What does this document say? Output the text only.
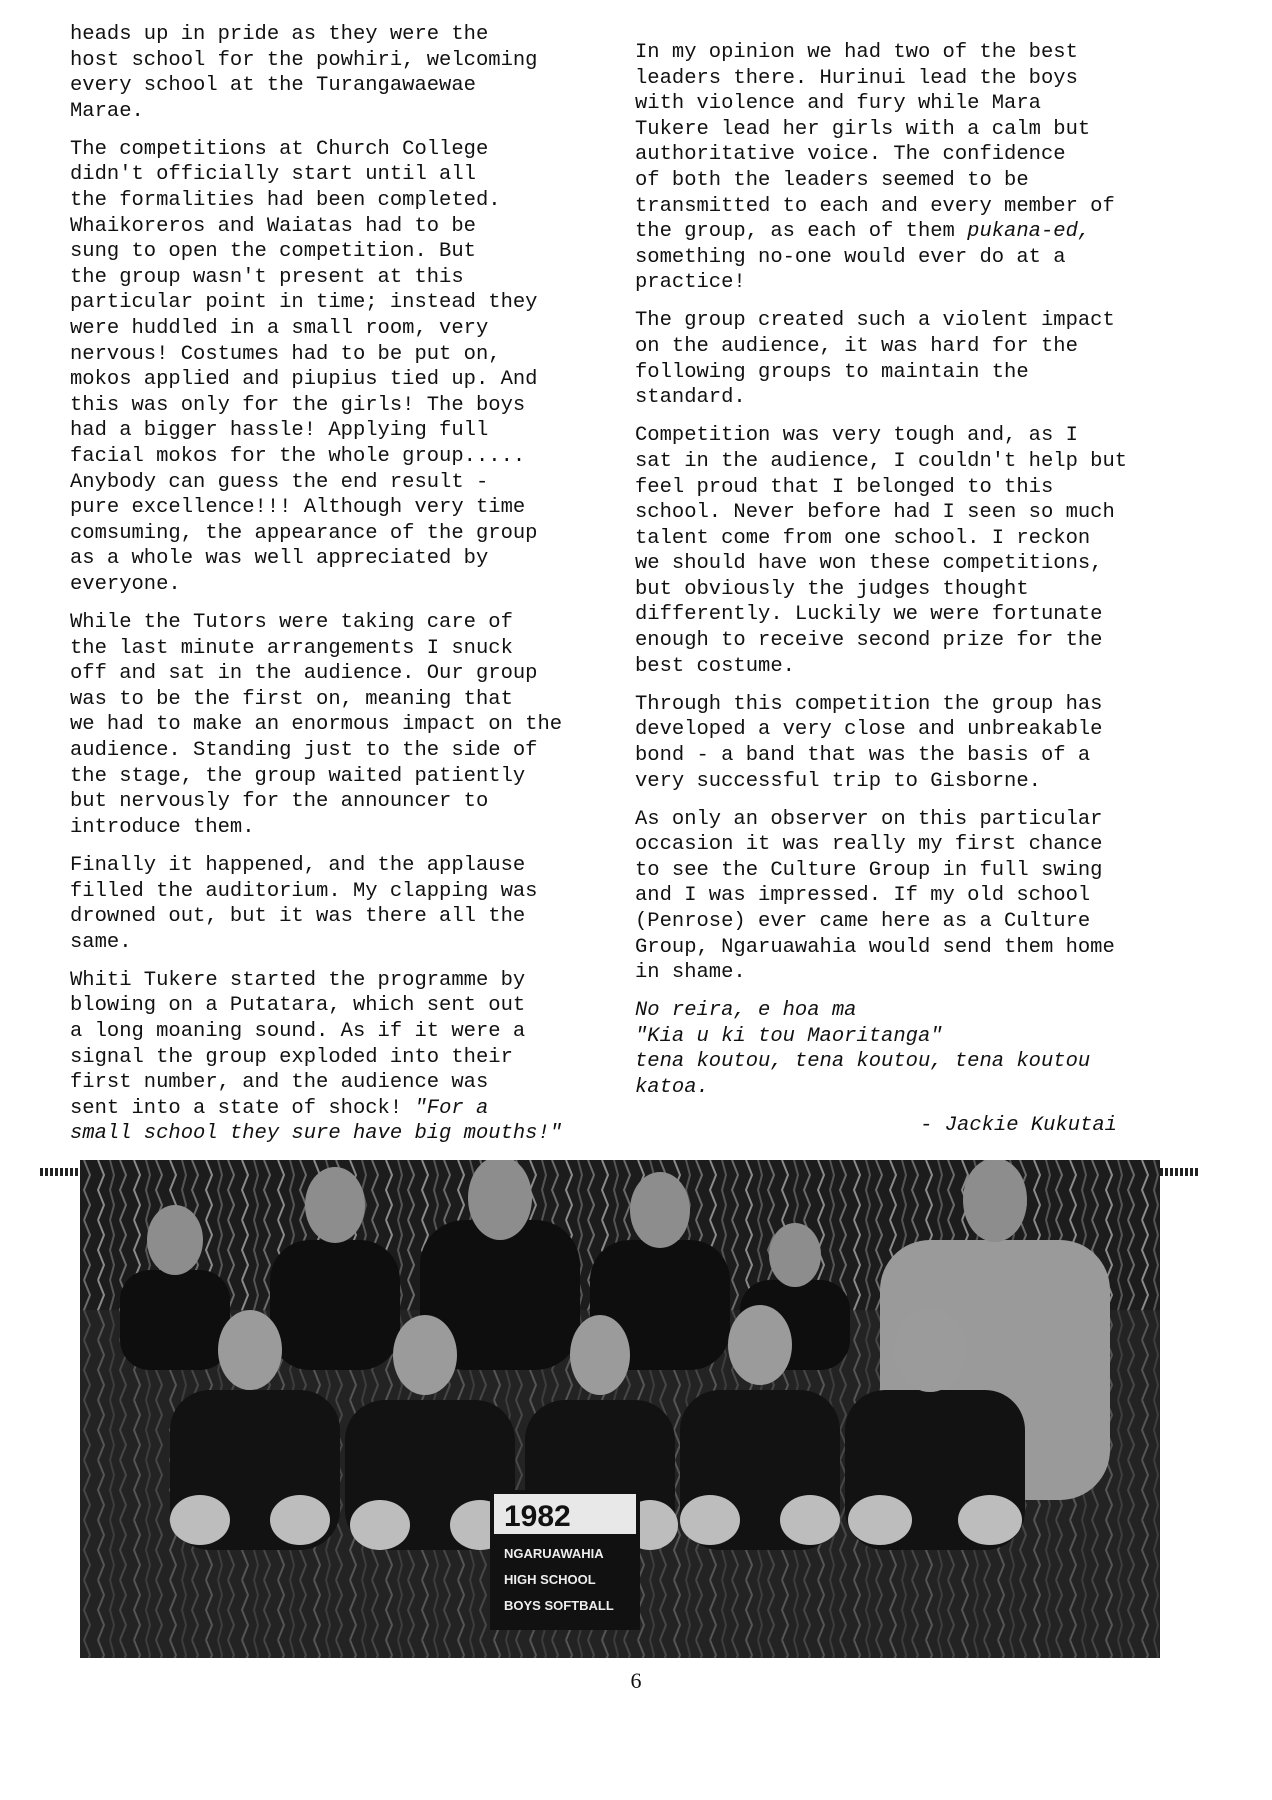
heads up in pride as they were the
host school for the powhiri, welcoming
every school at the Turangawaewae
Marae.

The competitions at Church College
didn't officially start until all
the formalities had been completed.
Whaikoreros and Waiatas had to be
sung to open the competition. But
the group wasn't present at this
particular point in time; instead they
were huddled in a small room, very
nervous! Costumes had to be put on,
mokos applied and piupius tied up. And
this was only for the girls! The boys
had a bigger hassle! Applying full
facial mokos for the whole group.....
Anybody can guess the end result -
pure excellence!!! Although very time
comsuming, the appearance of the group
as a whole was well appreciated by
everyone.

While the Tutors were taking care of
the last minute arrangements I snuck
off and sat in the audience. Our group
was to be the first on, meaning that
we had to make an enormous impact on the
audience. Standing just to the side of
the stage, the group waited patiently
but nervously for the announcer to
introduce them.

Finally it happened, and the applause
filled the auditorium. My clapping was
drowned out, but it was there all the
same.

Whiti Tukere started the programme by
blowing on a Putatara, which sent out
a long moaning sound. As if it were a
signal the group exploded into their
first number, and the audience was
sent into a state of shock! "For a
small school they sure have big mouths!"

In my opinion we had two of the best
leaders there. Hurinui lead the boys
with violence and fury while Mara
Tukere lead her girls with a calm but
authoritative voice. The confidence
of both the leaders seemed to be
transmitted to each and every member of
the group, as each of them pukana-ed,
something no-one would ever do at a
practice!

The group created such a violent impact
on the audience, it was hard for the
following groups to maintain the
standard.

Competition was very tough and, as I
sat in the audience, I couldn't help but
feel proud that I belonged to this
school. Never before had I seen so much
talent come from one school. I reckon
we should have won these competitions,
but obviously the judges thought
differently. Luckily we were fortunate
enough to receive second prize for the
best costume.

Through this competition the group has
developed a very close and unbreakable
bond - a band that was the basis of a
very successful trip to Gisborne.

As only an observer on this particular
occasion it was really my first chance
to see the Culture Group in full swing
and I was impressed. If my old school
(Penrose) ever came here as a Culture
Group, Ngaruawahia would send them home
in shame.

No reira, e hoa ma
"Kia u ki tou Maoritanga"
tena koutou, tena koutou, tena koutou
katoa.

- Jackie Kukutai

1982
NGARUAWAHIA
HIGH SCHOOL
BOYS SOFTBALL
6
